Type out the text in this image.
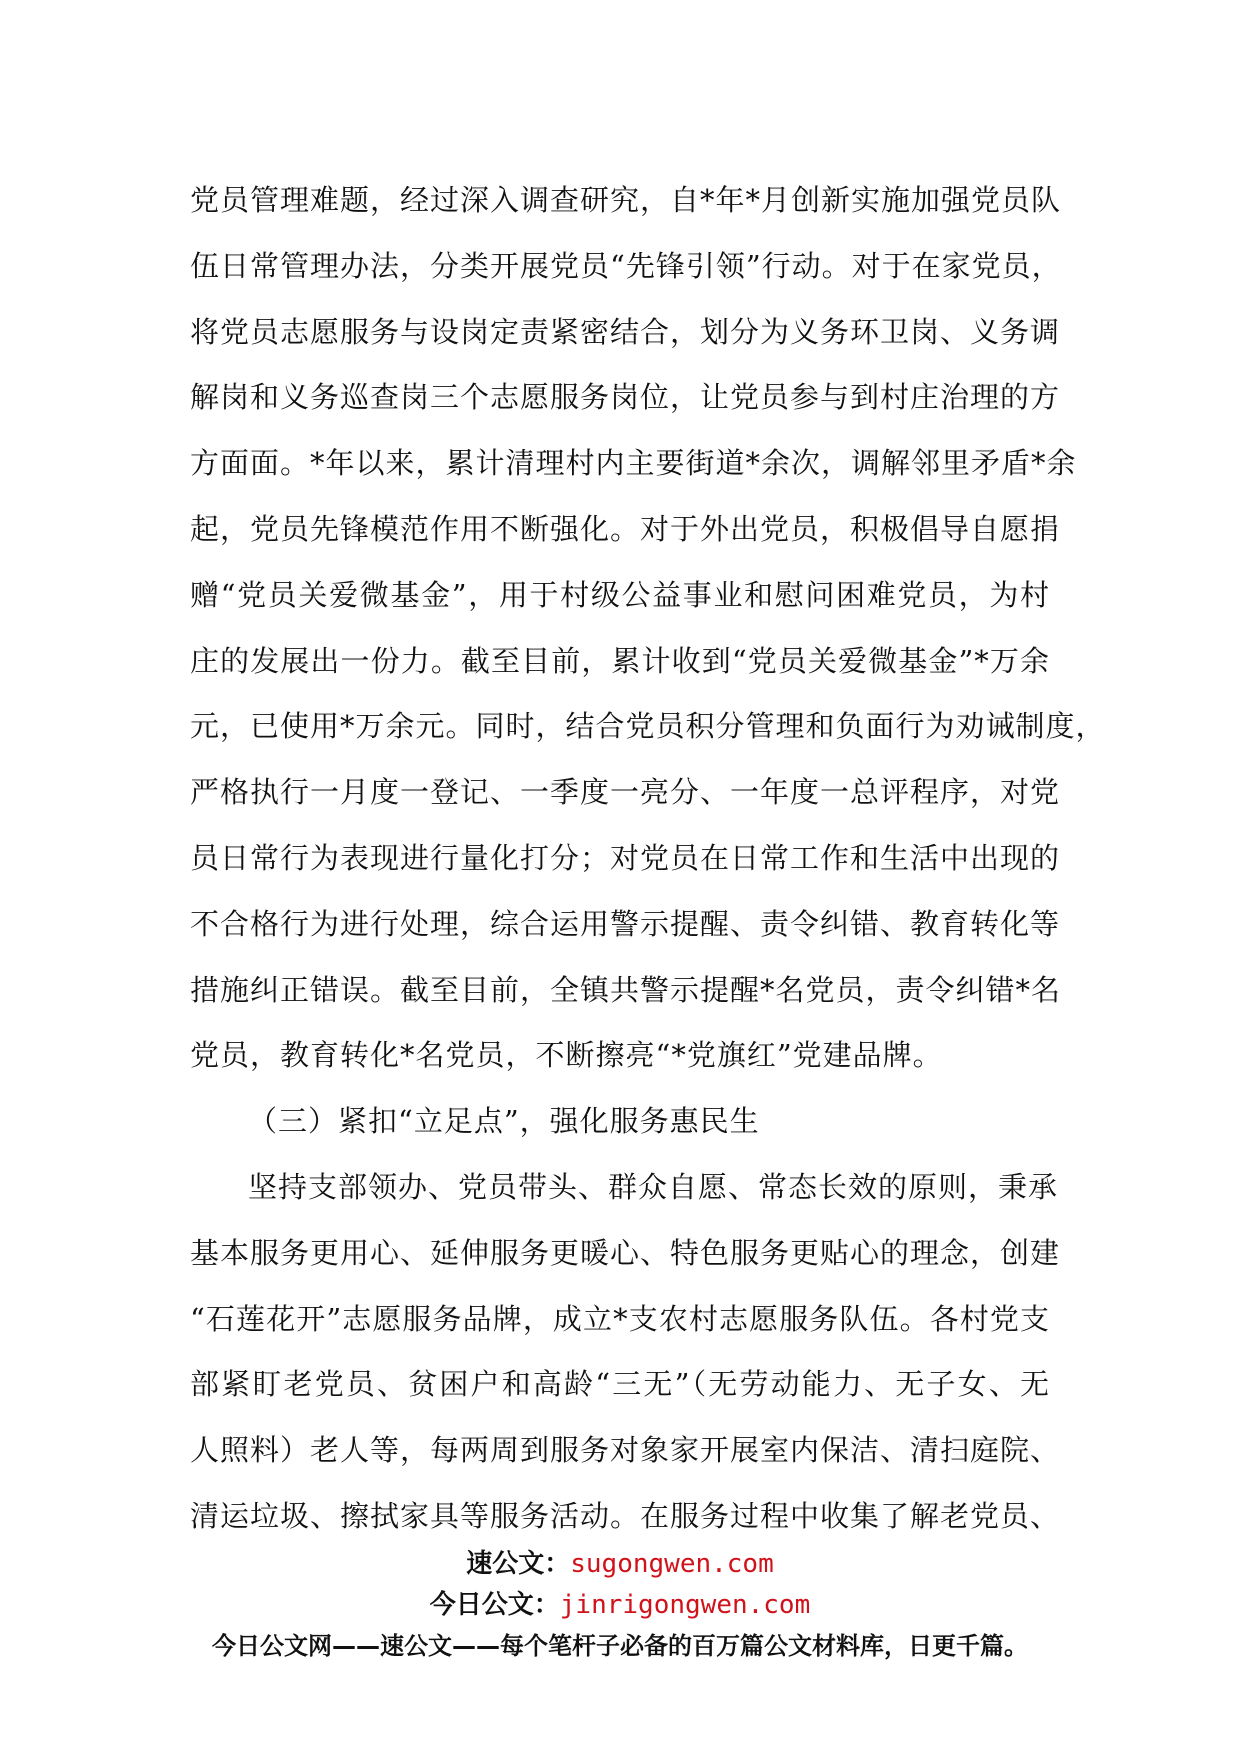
党员管理难题，经过深入调查研究，自*年*月创新实施加强党员队
伍日常管理办法，分类开展党员“先锋引领”行动。对于在家党员，
将党员志愿服务与设岗定责紧密结合，划分为义务环卫岗、义务调
解岗和义务巡查岗三个志愿服务岗位，让党员参与到村庄治理的方
方面面。*年以来，累计清理村内主要街道*余次，调解邻里矛盾*余
起，党员先锋模范作用不断强化。对于外出党员，积极倡导自愿捐
赠“党员关爱微基金”，用于村级公益事业和慰问困难党员，为村
庄的发展出一份力。截至目前，累计收到“党员关爱微基金”*万余
元，已使用*万余元。同时，结合党员积分管理和负面行为劝诫制度，
严格执行一月度一登记、一季度一亮分、一年度一总评程序，对党
员日常行为表现进行量化打分；对党员在日常工作和生活中出现的
不合格行为进行处理，综合运用警示提醒、责令纠错、教育转化等
措施纠正错误。截至目前，全镇共警示提醒*名党员，责令纠错*名
党员，教育转化*名党员，不断擦亮“*党旗红”党建品牌。
（三）紧扣“立足点”，强化服务惠民生
坚持支部领办、党员带头、群众自愿、常态长效的原则，秉承
基本服务更用心、延伸服务更暖心、特色服务更贴心的理念，创建
“石莲花开”志愿服务品牌，成立*支农村志愿服务队伍。各村党支
部紧盯老党员、贫困户和高龄“三无”（无劳动能力、无子女、无
人照料）老人等，每两周到服务对象家开展室内保洁、清扫庭院、
清运垃圾、擦拭家具等服务活动。在服务过程中收集了解老党员、
速公文：sugongwen.com
今日公文：jinrigongwen.com
今日公文网——速公文——每个笔杆子必备的百万篇公文材料库，日更千篇。
